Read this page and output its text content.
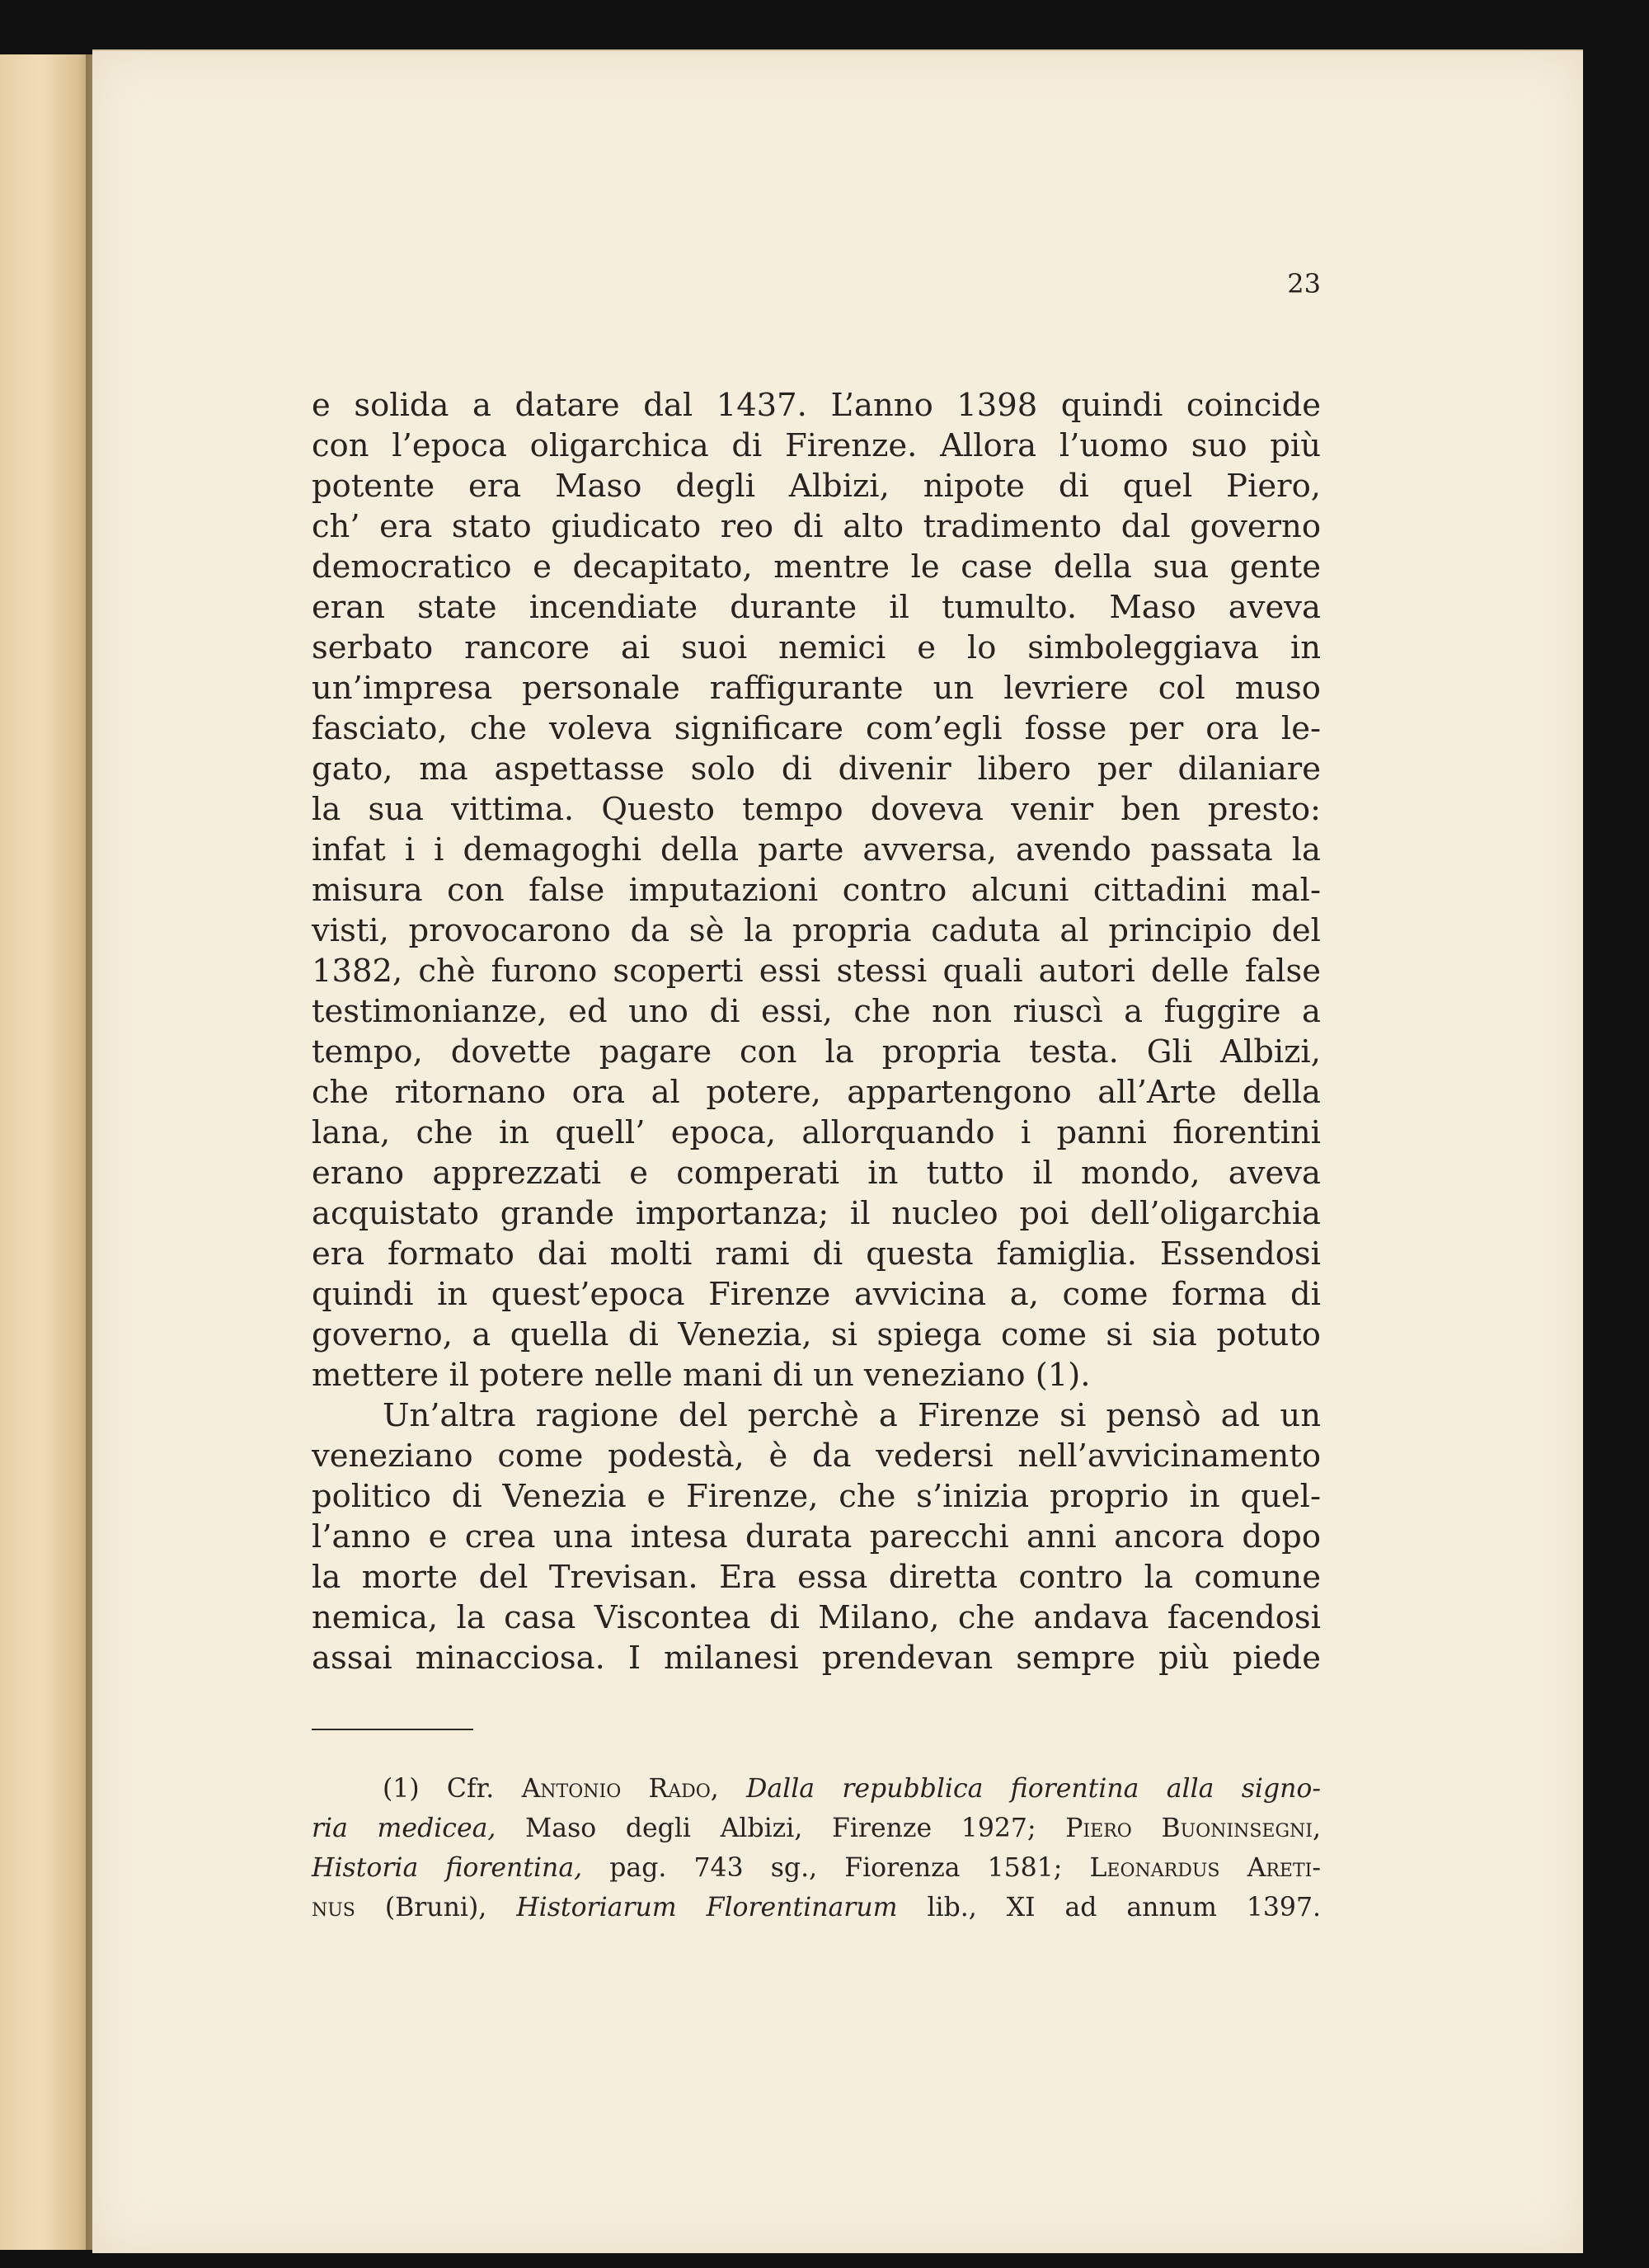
23
e solida a datare dal 1437. L’anno 1398 quindi coincide
con l’epoca oligarchica di Firenze. Allora l’uomo suo più
potente era Maso degli Albizi, nipote di quel Piero,
ch’ era stato giudicato reo di alto tradimento dal governo
democratico e decapitato, mentre le case della sua gente
eran state incendiate durante il tumulto. Maso aveva
serbato rancore ai suoi nemici e lo simboleggiava in
un’impresa personale raffigurante un levriere col muso
fasciato, che voleva significare com’egli fosse per ora le-
gato, ma aspettasse solo di divenir libero per dilaniare
la sua vittima. Questo tempo doveva venir ben presto:
infat i i demagoghi della parte avversa, avendo passata la
misura con false imputazioni contro alcuni cittadini mal-
visti, provocarono da sè la propria caduta al principio del
1382, chè furono scoperti essi stessi quali autori delle false
testimonianze, ed uno di essi, che non riuscì a fuggire a
tempo, dovette pagare con la propria testa. Gli Albizi,
che ritornano ora al potere, appartengono all’Arte della
lana, che in quell’ epoca, allorquando i panni fiorentini
erano apprezzati e comperati in tutto il mondo, aveva
acquistato grande importanza; il nucleo poi dell’oligarchia
era formato dai molti rami di questa famiglia. Essendosi
quindi in quest’epoca Firenze avvicina a, come forma di
governo, a quella di Venezia, si spiega come si sia potuto
mettere il potere nelle mani di un veneziano (1).
Un’altra ragione del perchè a Firenze si pensò ad un
veneziano come podestà, è da vedersi nell’avvicinamento
politico di Venezia e Firenze, che s’inizia proprio in quel-
l’anno e crea una intesa durata parecchi anni ancora dopo
la morte del Trevisan. Era essa diretta contro la comune
nemica, la casa Viscontea di Milano, che andava facendosi
assai minacciosa. I milanesi prendevan sempre più piede
(1) Cfr. Antonio Rado, Dalla repubblica fiorentina alla signo-
ria medicea, Maso degli Albizi, Firenze 1927; Piero Buoninsegni,
Historia fiorentina, pag. 743 sg., Fiorenza 1581; Leonardus Areti-
nus (Bruni), Historiarum Florentinarum lib., XI ad annum 1397.
